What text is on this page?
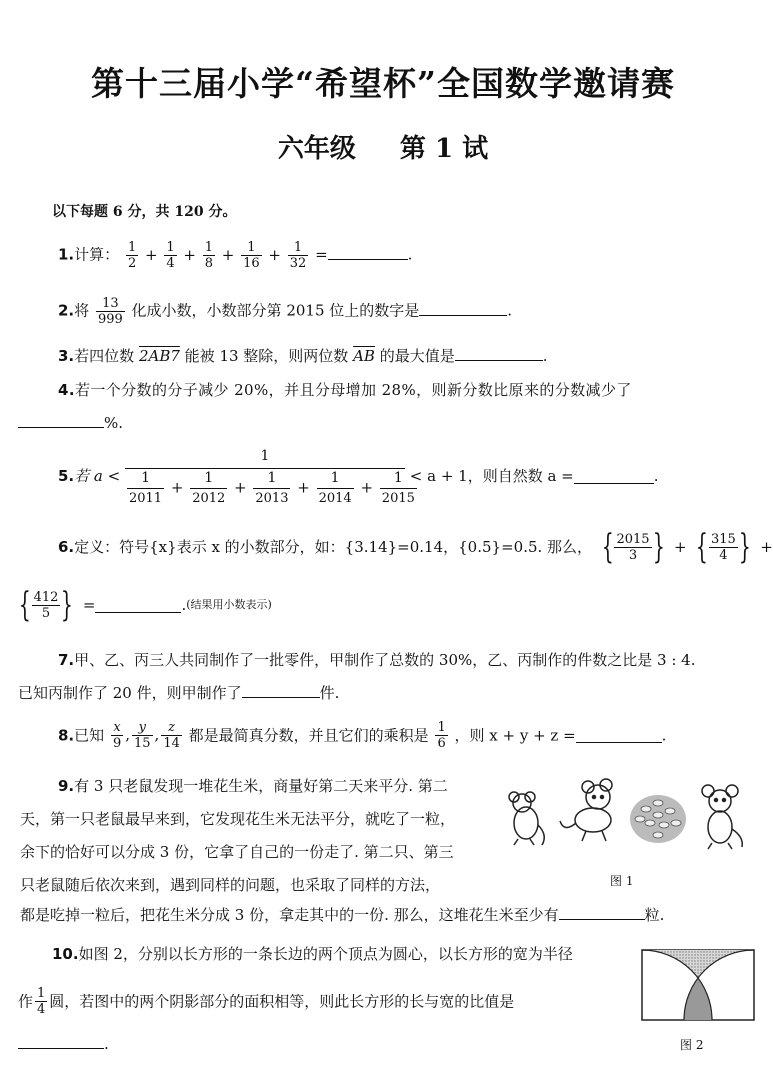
第十三届小学“希望杯”全国数学邀请赛
六年级 第 1 试
以下每题 6 分，共 120 分。
1.计算： $\frac{1}{2} + \frac{1}{4} + \frac{1}{8} + \frac{1}{16} + \frac{1}{32}$ =	.
2.将 $\frac{13}{999}$ 化成小数，小数部分第 2015 位上的数字是	.
3.若四位数 2AB7 能被 13 整除，则两位数 $\overline{AB}$ 的最大值是	.
4.若一个分数的分子减少 20%，并且分母增加 28%，则新分数比原来的分数减少了
%.
5.若 $a < \frac{1}{\frac{1}{2011} + \frac{1}{2012} + \frac{1}{2013} + \frac{1}{2014} + \frac{1}{2015}} < a + 1$，则自然数 a =	.
6.定义：符号{x}表示 x 的小数部分，如：{3.14}=0.14，{0.5}=0.5. 那么， { $\frac{2015}{3}$ } + { $\frac{315}{4}$ } +
{ $\frac{412}{5}$ } =	.(结果用小数表示)
7.甲、乙、丙三人共同制作了一批零件，甲制作了总数的 30%，乙、丙制作的件数之比是 3 : 4.
已知丙制作了 20 件，则甲制作了	件.
8.已知 $\frac{x}{9}$ , $\frac{y}{15}$ , $\frac{z}{14}$ 都是最简真分数，并且它们的乘积是 $\frac{1}{6}$ ，则 x + y + z =	.
9.有 3 只老鼠发现一堆花生米，商量好第二天来平分. 第二
天，第一只老鼠最早来到，它发现花生米无法平分，就吃了一粒，
余下的恰好可以分成 3 份，它拿了自己的一份走了. 第二只、第三
只老鼠随后依次来到，遇到同样的问题，也采取了同样的方法，
都是吃掉一粒后，把花生米分成 3 份，拿走其中的一份. 那么，这堆花生米至少有	粒.
图 1
10.如图 2，分别以长方形的一条长边的两个顶点为圆心，以长方形的宽为半径
作 $\frac{1}{4}$ 圆，若图中的两个阴影部分的面积相等，则此长方形的长与宽的比值是
.	图 2
